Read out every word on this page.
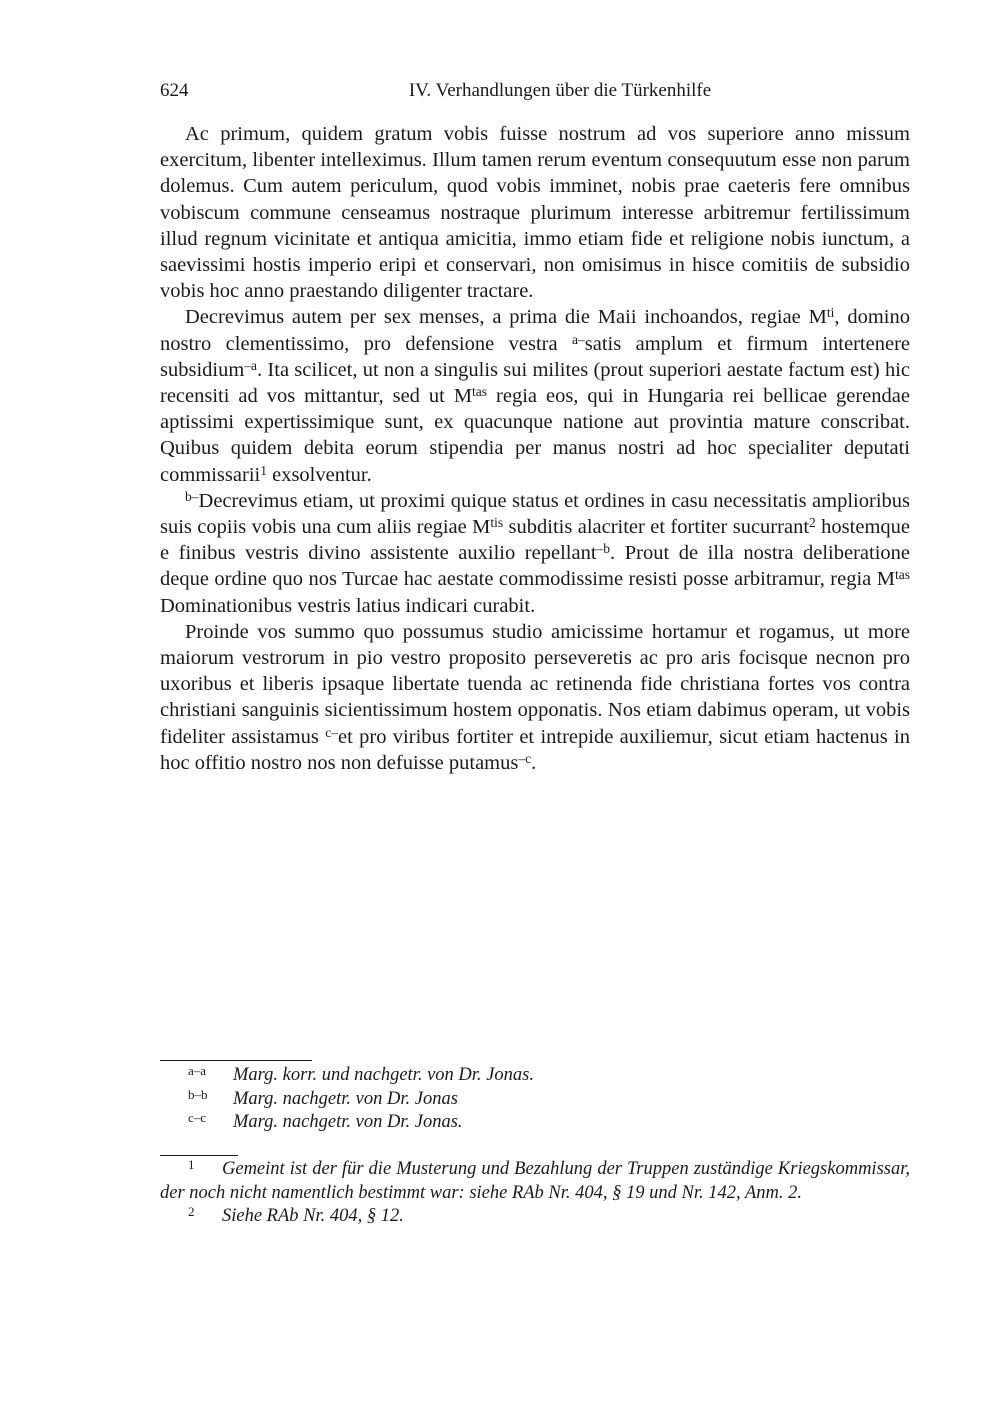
624	IV. Verhandlungen über die Türkenhilfe

Ac primum, quidem gratum vobis fuisse nostrum ad vos superiore anno missum exercitum, libenter intelleximus. Illum tamen rerum eventum consequutum esse non parum dolemus. Cum autem periculum, quod vobis imminet, nobis prae caeteris fere omnibus vobiscum commune censeamus nostraque plurimum interesse arbitremur fertilissimum illud regnum vicinitate et antiqua amicitia, immo etiam fide et religione nobis iunctum, a saevissimi hostis imperio eripi et conservari, non omisimus in hisce comitiis de subsidio vobis hoc anno praestando diligenter tractare.

Decrevimus autem per sex menses, a prima die Maii inchoandos, regiae $M^{ti}$, domino nostro clementissimo, pro defensione vestra $^{a-}$satis amplum et firmum intertenere subsidium$^{-a}$. Ita scilicet, ut non a singulis sui milites (prout superiori aestate factum est) hic recensiti ad vos mittantur, sed ut $M^{tas}$ regia eos, qui in Hungaria rei bellicae gerendae aptissimi expertissimique sunt, ex quacunque natione aut provintia mature conscribat. Quibus quidem debita eorum stipendia per manus nostri ad hoc specialiter deputati commissarii$^1$ exsolventur.

$^{b-}$Decrevimus etiam, ut proximi quique status et ordines in casu necessitatis amplioribus suis copiis vobis una cum aliis regiae $M^{tis}$ subditis alacriter et fortiter sucurrant$^2$ hostemque e finibus vestris divino assistente auxilio repellant$^{-b}$. Prout de illa nostra deliberatione deque ordine quo nos Turcae hac aestate commodissime resisti posse arbitramur, regia $M^{tas}$ Dominationibus vestris latius indicari curabit.

Proinde vos summo quo possumus studio amicissime hortamur et rogamus, ut more maiorum vestrorum in pio vestro proposito perseveretis ac pro aris focisque necnon pro uxoribus et liberis ipsaque libertate tuenda ac retinenda fide christiana fortes vos contra christiani sanguinis sicientissimum hostem opponatis. Nos etiam dabimus operam, ut vobis fideliter assistamus $^{c-}$et pro viribus fortiter et intrepide auxiliemur, sicut etiam hactenus in hoc offitio nostro nos non defuisse putamus$^{-c}$.

a–a Marg. korr. und nachgetr. von Dr. Jonas.
b–b Marg. nachgetr. von Dr. Jonas
c–c Marg. nachgetr. von Dr. Jonas.
1 Gemeint ist der für die Musterung und Bezahlung der Truppen zuständige Kriegskommissar, der noch nicht namentlich bestimmt war: siehe RAb Nr. 404, § 19 und Nr. 142, Anm. 2.
2 Siehe RAb Nr. 404, § 12.
